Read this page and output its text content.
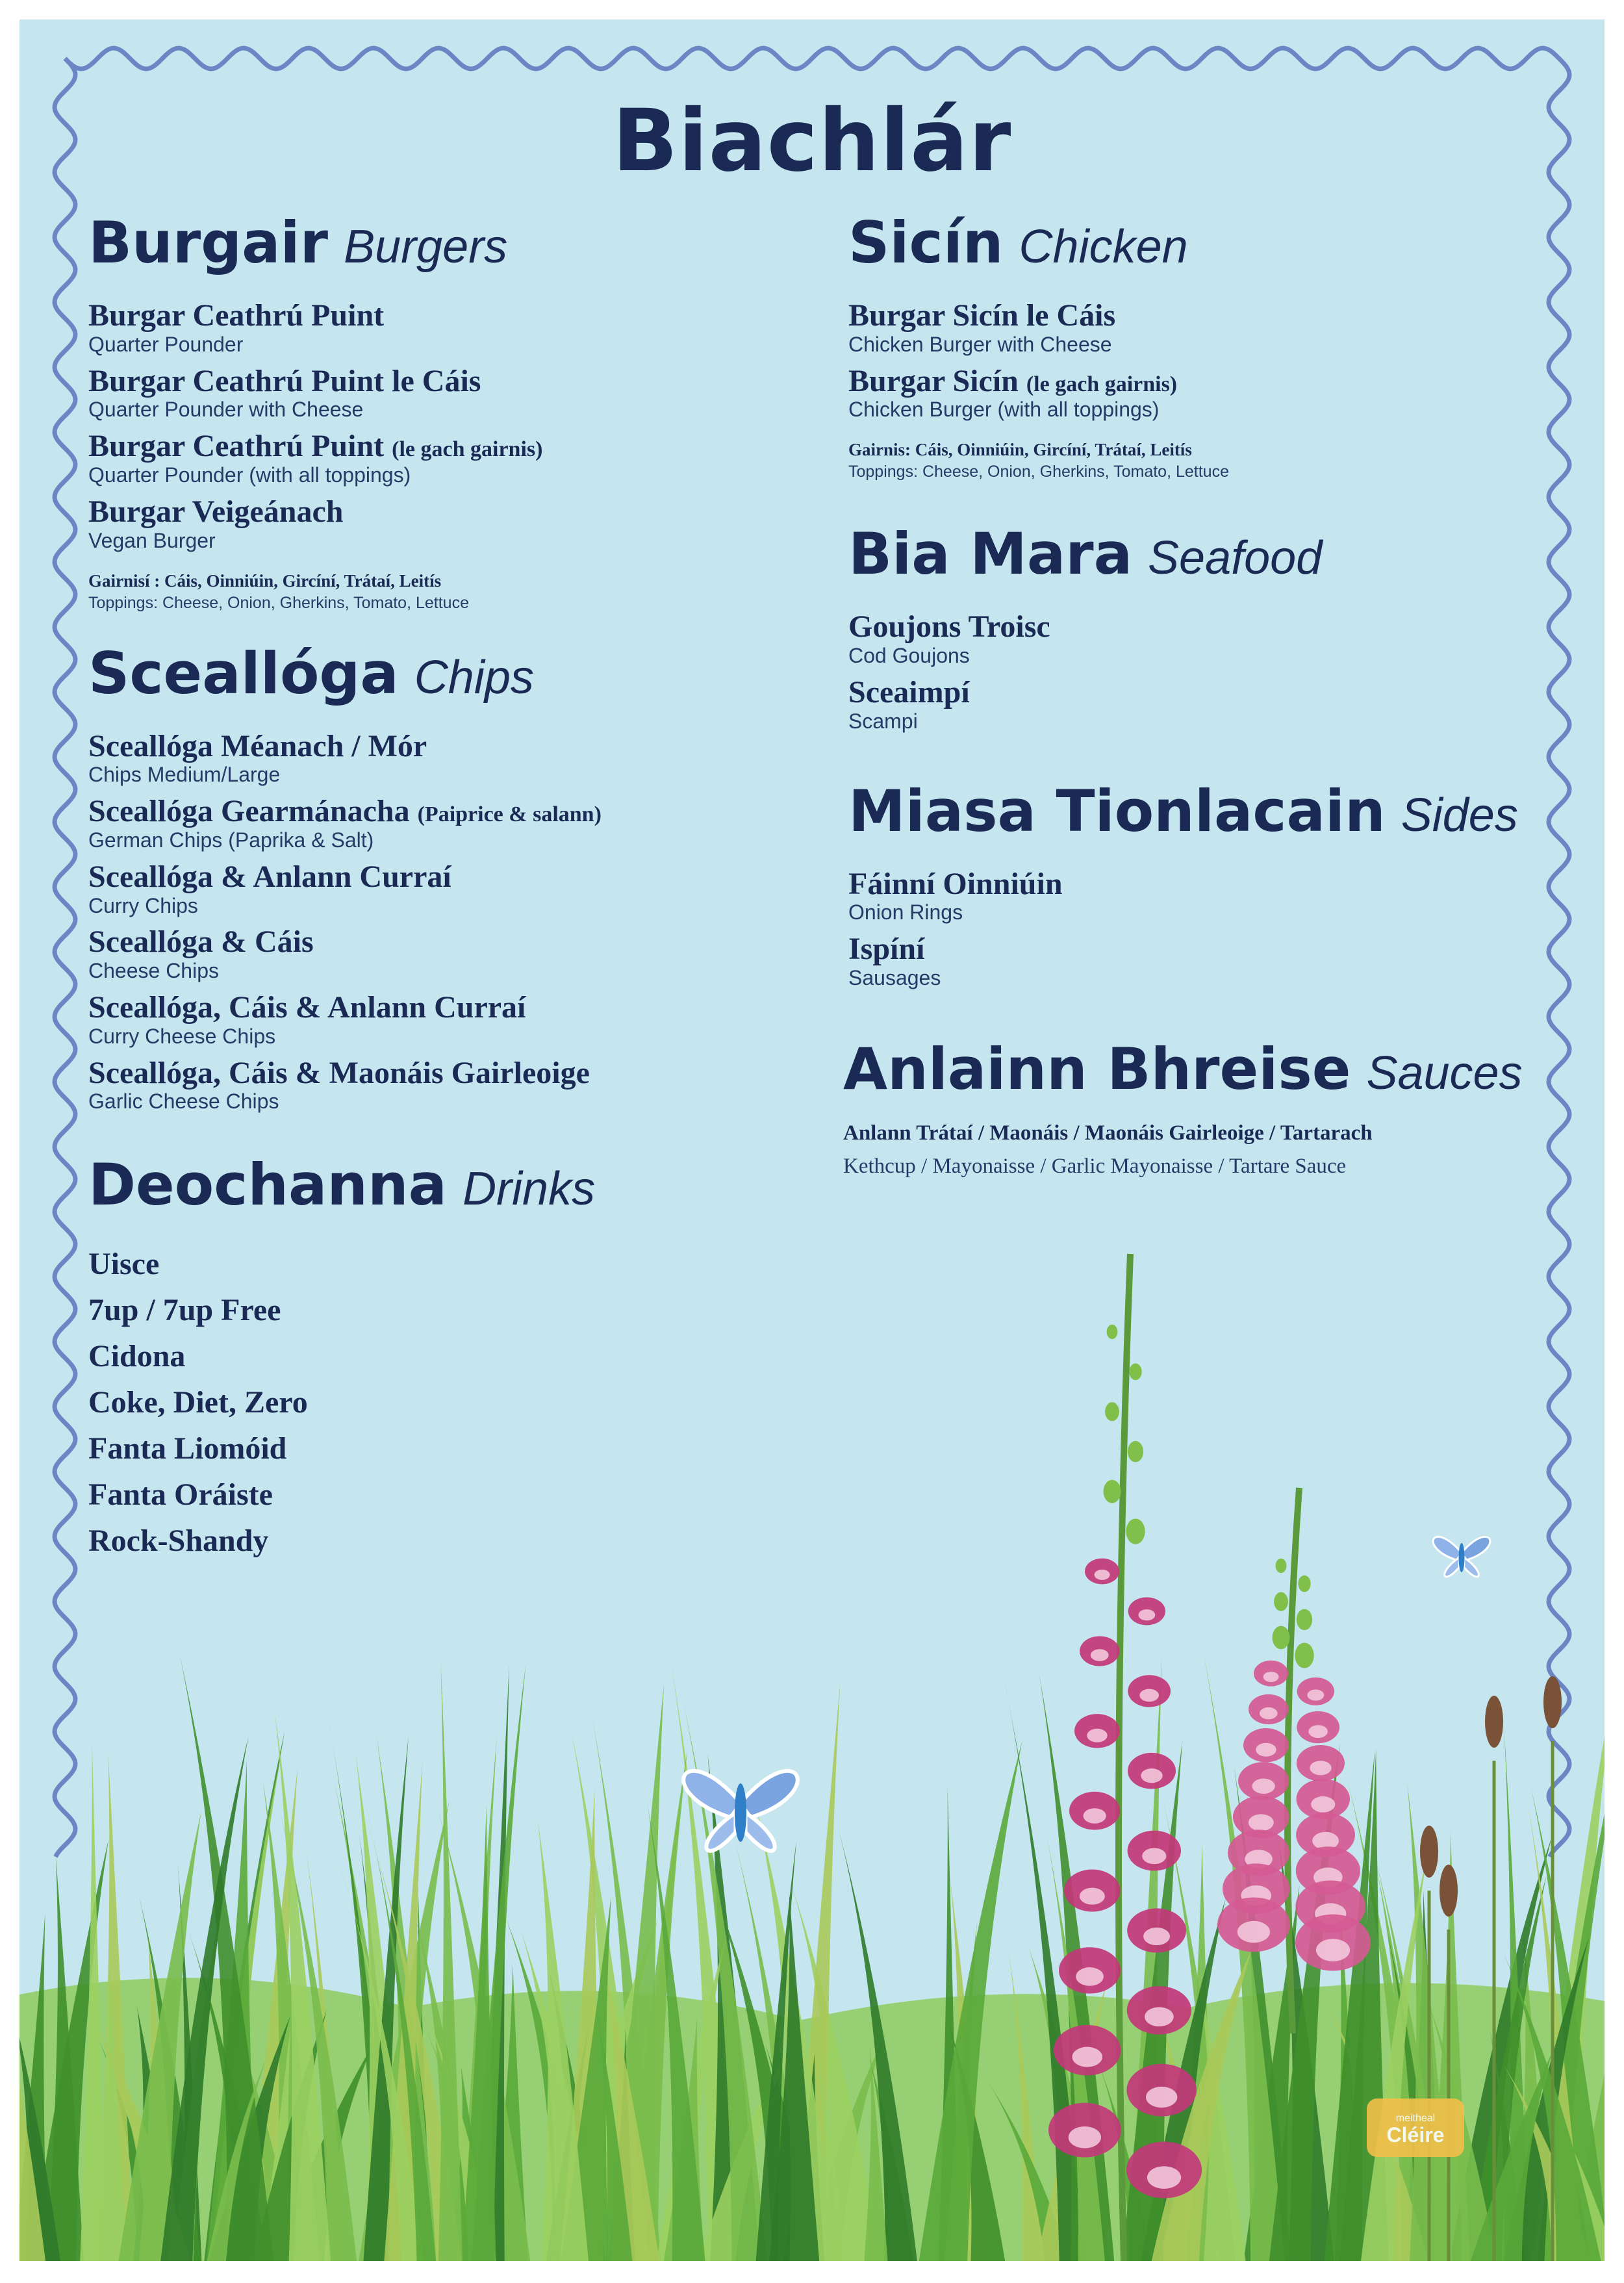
Biachlár
Burgair Burgers
Burgar Ceathrú Puint
Quarter Pounder
Burgar Ceathrú Puint le Cáis
Quarter Pounder with Cheese
Burgar Ceathrú Puint (le gach gairnis)
Quarter Pounder (with all toppings)
Burgar Veigeánach
Vegan Burger
Gairnisí : Cáis, Oinniúin, Gircíní, Trátaí, Leitís
Toppings: Cheese, Onion, Gherkins, Tomato, Lettuce
Sceallóga Chips
Sceallóga Méanach / Mór
Chips Medium/Large
Sceallóga Gearmánacha (Paiprice & salann)
German Chips (Paprika & Salt)
Sceallóga & Anlann Curraí
Curry Chips
Sceallóga & Cáis
Cheese Chips
Sceallóga, Cáis & Anlann Curraí
Curry Cheese Chips
Sceallóga, Cáis & Maonáis Gairleoige
Garlic Cheese Chips
Deochanna Drinks
Uisce
7up / 7up Free
Cidona
Coke, Diet, Zero
Fanta Liomóid
Fanta Oráiste
Rock-Shandy
Sicín Chicken
Burgar Sicín le Cáis
Chicken Burger with Cheese
Burgar Sicín (le gach gairnis)
Chicken Burger (with all toppings)
Gairnis: Cáis, Oinniúin, Gircíní, Trátaí, Leitís
Toppings: Cheese, Onion, Gherkins, Tomato, Lettuce
Bia Mara Seafood
Goujons Troisc
Cod Goujons
Sceaimpí
Scampi
Miasa Tionlacain Sides
Fáinní Oinniúin
Onion Rings
Ispíní
Sausages
Anlainn Bhreise Sauces
Anlann Trátaí / Maonáis / Maonáis Gairleoige / Tartarach
Kethcup / Mayonaisse / Garlic Mayonaisse / Tartare Sauce
meitheal
Cléire
